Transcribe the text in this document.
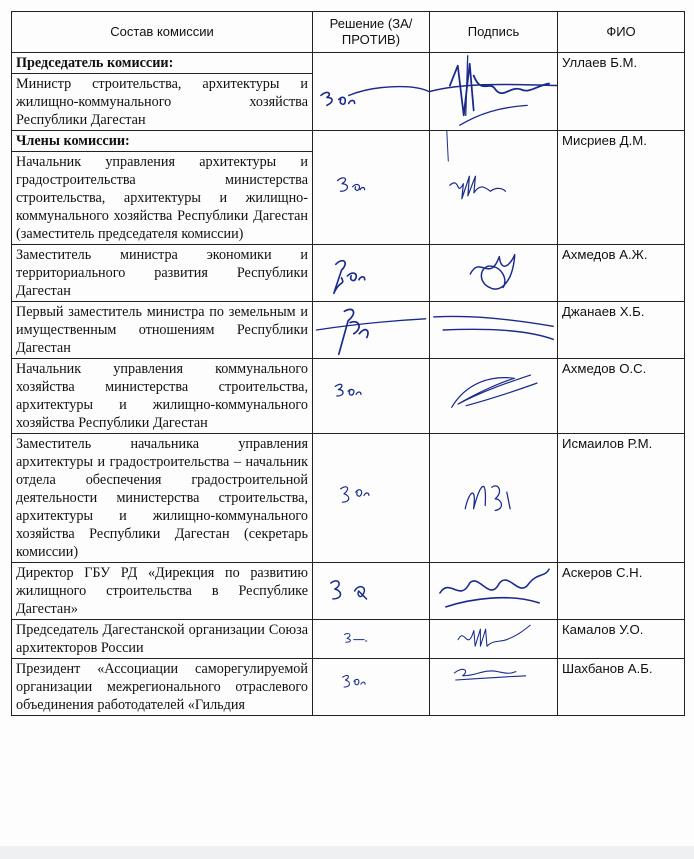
Состав комиссии	Решение (ЗА/ПРОТИВ)	Подпись	ФИО
Председатель комиссии:			Уллаев Б.М.
Министр строительства, архитектуры и жилищно-коммунального хозяйства Республики Дагестан			
Члены комиссии:			Мисриев Д.М.
Начальник управления архитектуры и градостроительства министерства строительства, архитектуры и жилищно-коммунального хозяйства Республики Дагестан (заместитель председателя комиссии)			
Заместитель министра экономики и территориального развития Республики Дагестан			Ахмедов А.Ж.
Первый заместитель министра по земельным и имущественным отношениям Республики Дагестан			Джанаев Х.Б.
Начальник управления коммунального хозяйства министерства строительства, архитектуры и жилищно-коммунального хозяйства Республики Дагестан			Ахмедов О.С.
Заместитель начальника управления архитектуры и градостроительства – начальник отдела обеспечения градостроительной деятельности министерства строительства, архитектуры и жилищно-коммунального хозяйства Республики Дагестан (секретарь комиссии)			Исмаилов Р.М.
Директор ГБУ РД «Дирекция по развитию жилищного строительства в Республике Дагестан»			Аскеров С.Н.
Председатель Дагестанской организации Союза архитекторов России			Камалов У.О.
Президент «Ассоциации саморегулируемой организации межрегионального отраслевого объединения работодателей «Гильдия			Шахбанов А.Б.
